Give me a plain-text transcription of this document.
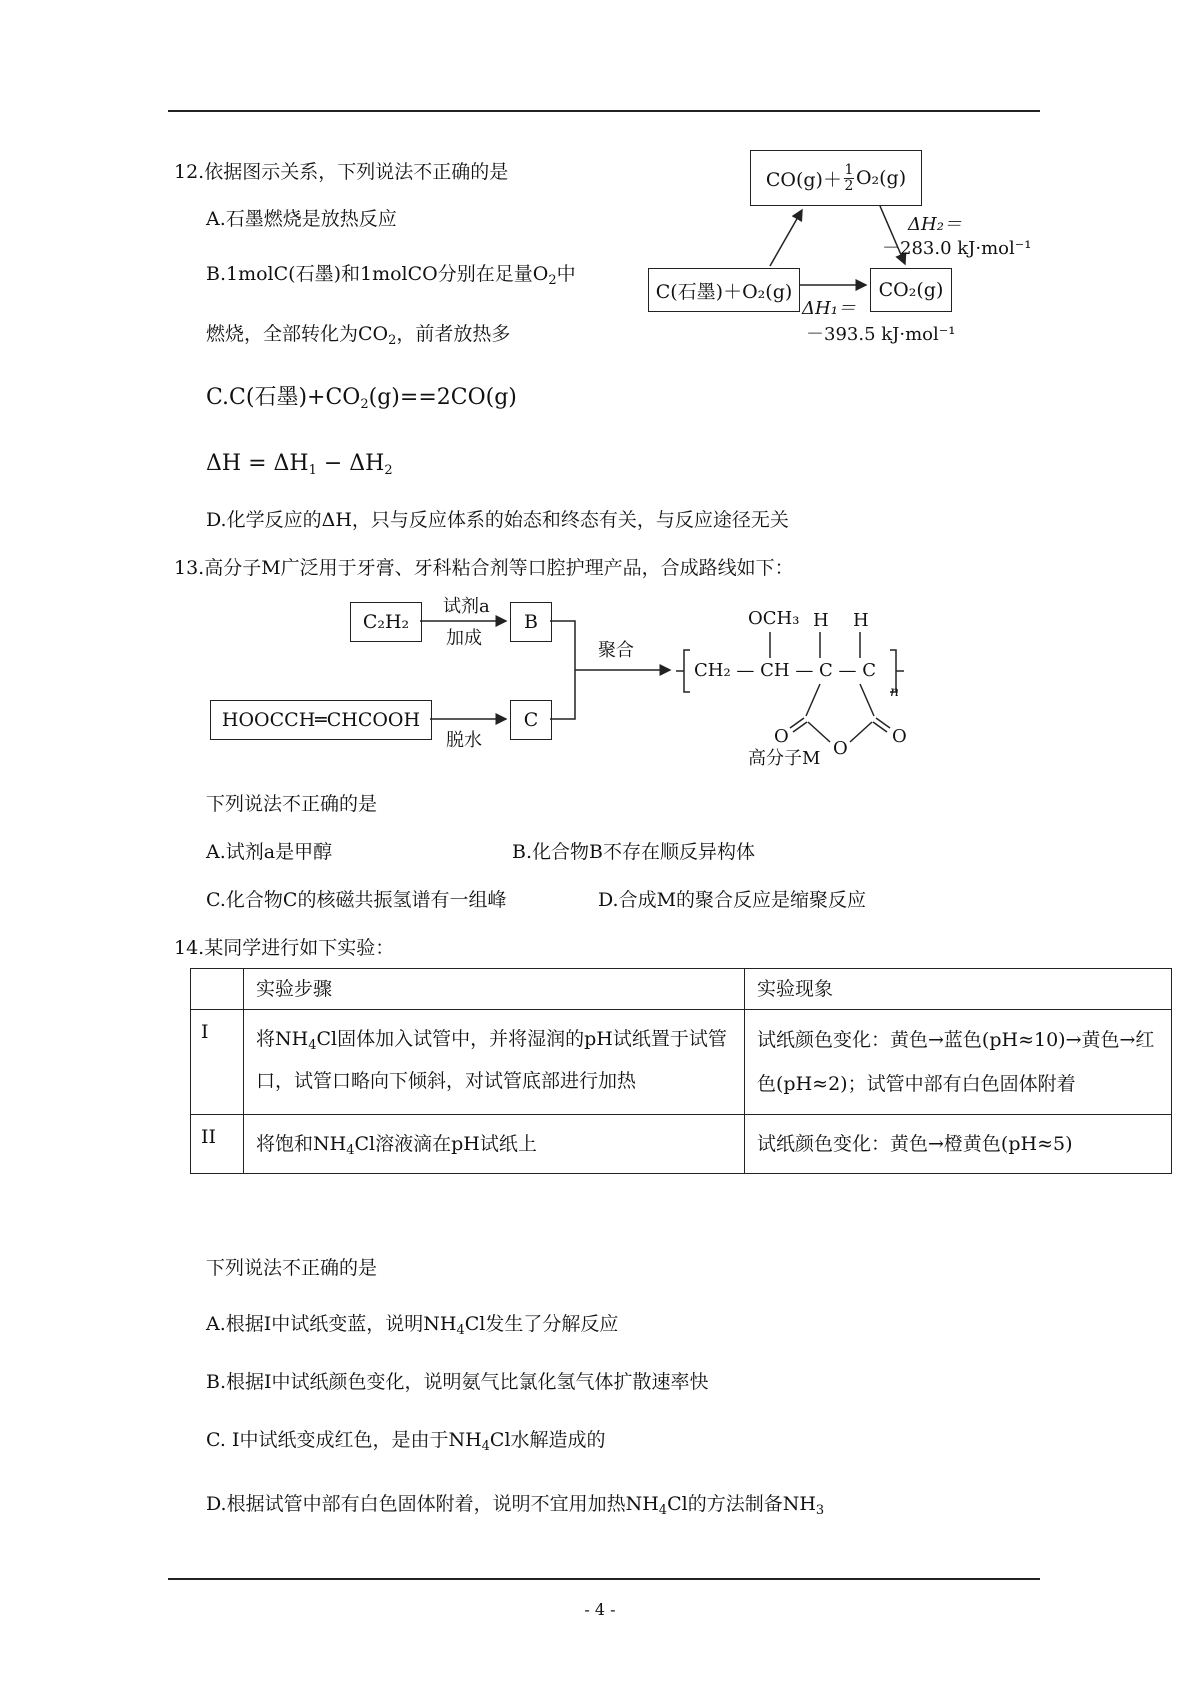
12.依据图示关系，下列说法不正确的是
A.石墨燃烧是放热反应
B.1molC(石墨)和1molCO分别在足量$O_2$中
燃烧，全部转化为$CO_2$，前者放热多
C.C(石墨)$+CO_2(g)==2CO(g)$
$\Delta H = \Delta H_1 - \Delta H_2$
D.化学反应的ΔH，只与反应体系的始态和终态有关，与反应途径无关
CO(g)＋ 1
2 O₂(g)
C(石墨)＋O₂(g)	CO₂(g)
ΔH₂＝
－283.0 kJ·mol⁻¹
ΔH₁＝
－393.5 kJ·mol⁻¹
13.高分子M广泛用于牙膏、牙科粘合剂等口腔护理产品，合成路线如下：
C₂H₂
试剂a
加成
B
HOOCCH═CHCOOH
脱水
C
聚合
OCH₃ H H
CH₂ — CH — C — C
n
O
O
O
高分子M
下列说法不正确的是
A.试剂a是甲醇	B.化合物B不存在顺反异构体
C.化合物C的核磁共振氢谱有一组峰	D.合成M的聚合反应是缩聚反应
14.某同学进行如下实验：
	实验步骤	实验现象
I	将$NH_4Cl$固体加入试管中，并将湿润的pH试纸置于试管口，试管口略向下倾斜，对试管底部进行加热	试纸颜色变化：黄色→蓝色(pH≈10)→黄色→红色(pH≈2)；试管中部有白色固体附着
II	将饱和$NH_4Cl$溶液滴在pH试纸上	试纸颜色变化：黄色→橙黄色(pH≈5)
下列说法不正确的是
A.根据I中试纸变蓝，说明$NH_4Cl$发生了分解反应
B.根据I中试纸颜色变化，说明氨气比氯化氢气体扩散速率快
C. I中试纸变成红色，是由于$NH_4Cl$水解造成的
D.根据试管中部有白色固体附着，说明不宜用加热$NH_4Cl$的方法制备$NH_3$
- 4 -
